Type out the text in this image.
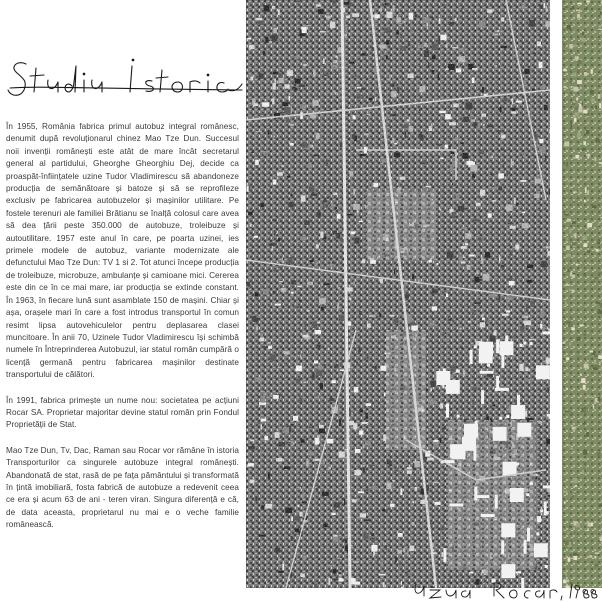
În 1955, România fabrica primul autobuz integral românesc, denumit după revoluționarul chinez Mao Tze Dun. Succesul noii invenții românești este atât de mare încât secretarul general al partidului, Gheorghe Gheorghiu Dej, decide ca proaspăt-înființatele uzine Tudor Vladimirescu să abandoneze producția de semănătoare și batoze și să se reprofilezе exclusiv pe fabricarea autobuzelor și mașinilor utilitare. Pe fostele terenuri ale familiei Brătianu se înalță colosul care avea să dea țării peste 350.000 de autobuze, troleibuze și autoutilitare. 1957 este anul în care, pe poarta uzinei, ies primele modele de autobuz, variante modernizate ale defunctului Mao Tze Dun: TV 1 si 2. Tot atunci începe producția de troleibuze, microbuze, ambulanțe și camioane mici. Cererea este din ce în ce mai mare, iar producția se extinde constant. În 1963, în fiecare lună sunt asamblate 150 de mașini. Chiar și așa, orașele mari în care a fost introdus transportul în comun resimt lipsa autovehiculelor pentru deplasarea clasei muncitoare. În anii 70, Uzinele Tudor Vladimirescu își schimbă numele în Întreprinderea Autobuzul, iar statul român cumpără o licență germană pentru fabricarea mașinilor destinate transportului de călători.

În 1991, fabrica primește un nume nou: societatea pe acțiuni Rocar SA. Proprietar majoritar devine statul român prin Fondul Proprietății de Stat.

Mao Tze Dun, Tv, Dac, Raman sau Rocar vor rămâne în istoria Transporturilor ca singurele autobuze integral românești. Abandonată de stat, rasă de pe fața pământului și transformată în țintă imobiliară, fosta fabrică de autobuze a redevenit ceea ce era și acum 63 de ani - teren viran. Singura diferență e că, de data aceasta, proprietarul nu mai e o veche familie românească.
